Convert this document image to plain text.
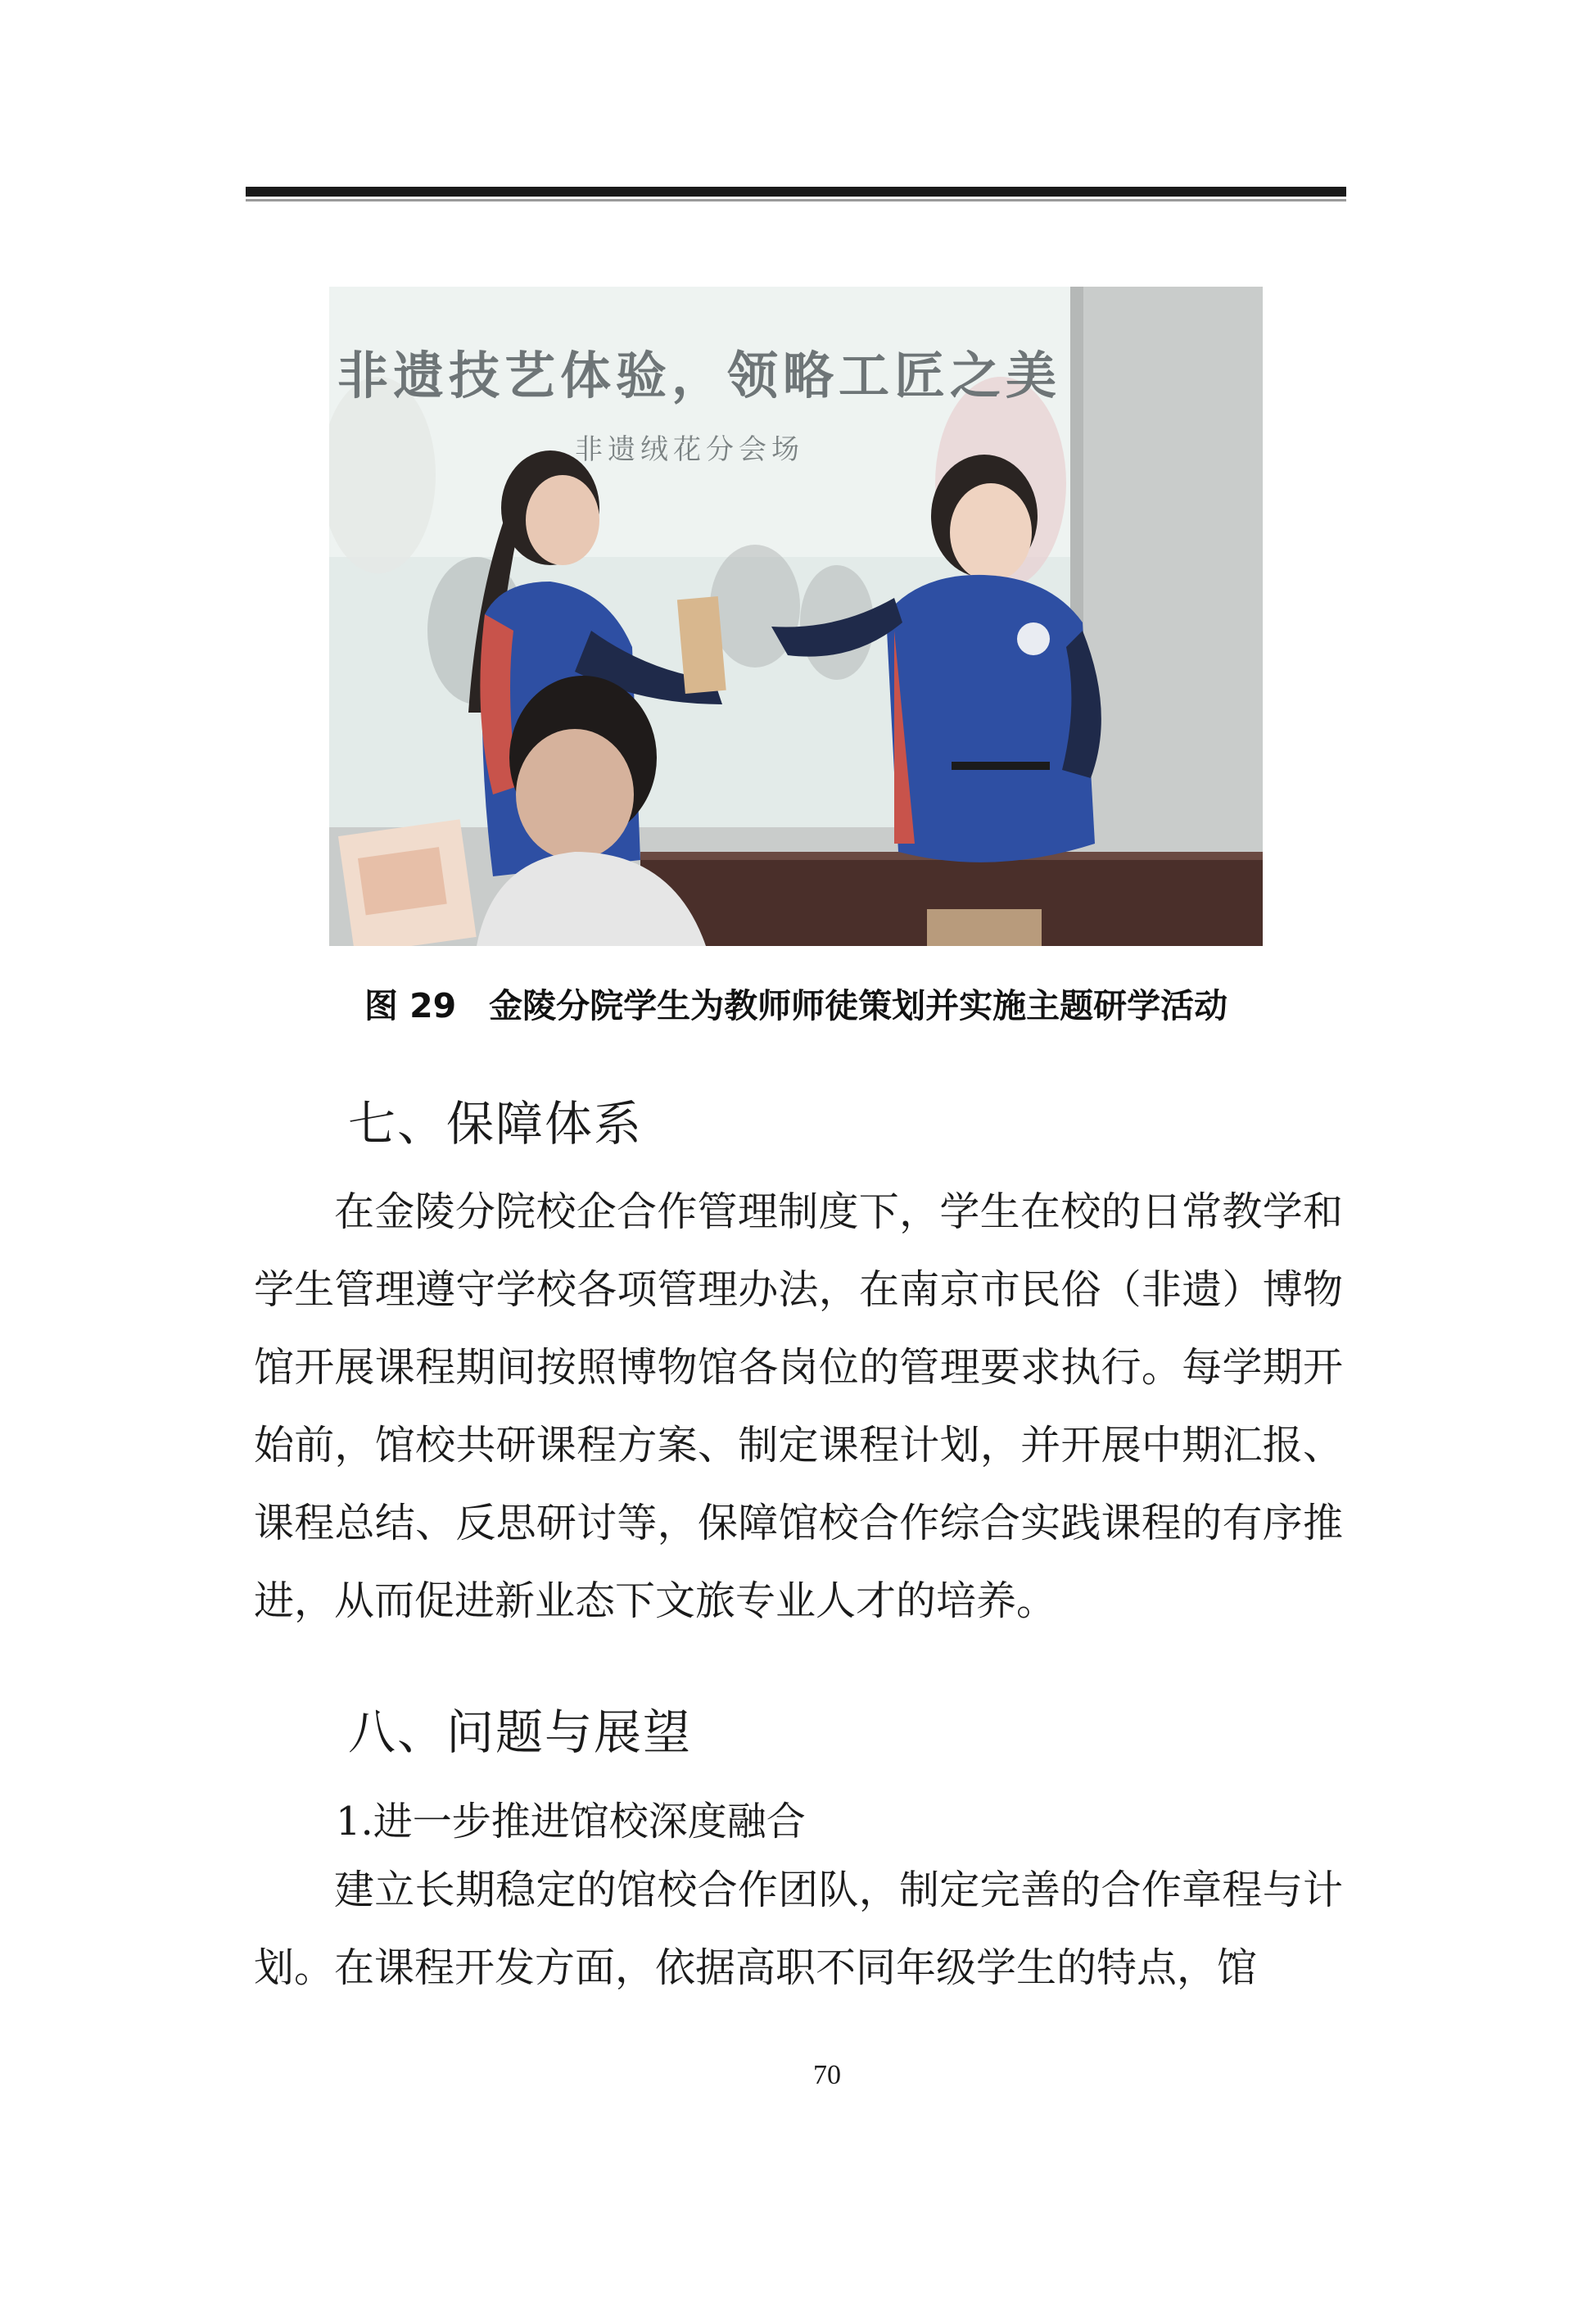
非遗技艺体验，领略工匠之美
非遗绒花分会场
图 29 金陵分院学生为教师师徒策划并实施主题研学活动
七、保障体系

在金陵分院校企合作管理制度下，学生在校的日常教学和学生管理遵守学校各项管理办法，在南京市民俗（非遗）博物馆开展课程期间按照博物馆各岗位的管理要求执行。每学期开始前，馆校共研课程方案、制定课程计划，并开展中期汇报、课程总结、反思研讨等，保障馆校合作综合实践课程的有序推进，从而促进新业态下文旅专业人才的培养。

八、问题与展望
1.进一步推进馆校深度融合

建立长期稳定的馆校合作团队，制定完善的合作章程与计划。在课程开发方面，依据高职不同年级学生的特点，馆

70
